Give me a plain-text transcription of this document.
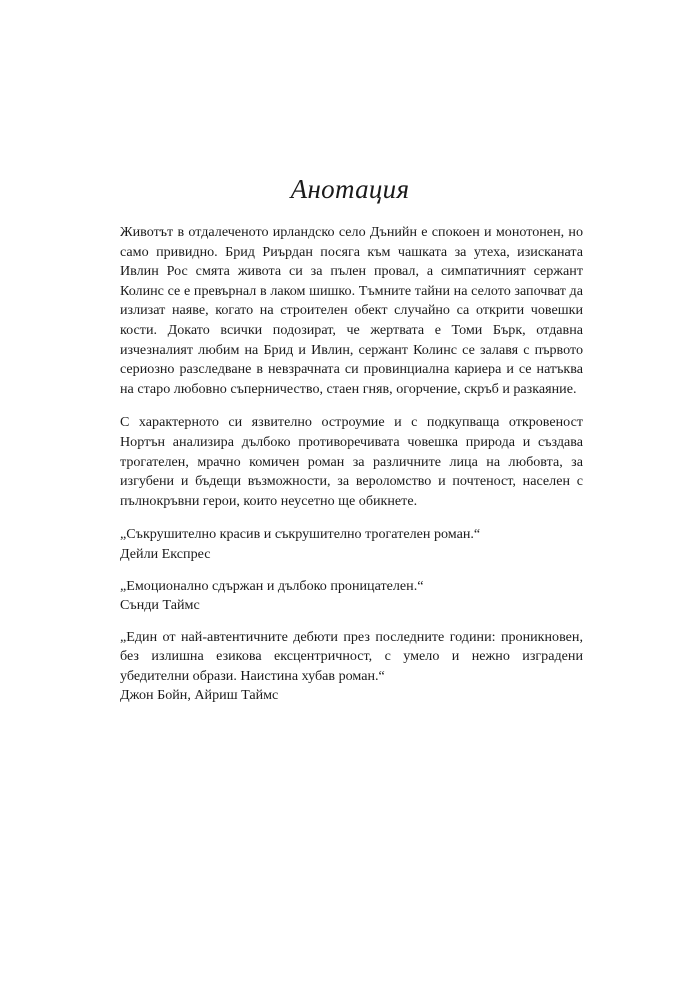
Анотация

Животът в отдалеченото ирландско село Дънийн е спокоен и монотонен, но само привидно. Брид Риърдан посяга към чашката за утеха, изисканата Ивлин Рос смята живота си за пълен провал, а симпатичният сержант Колинс се е превърнал в лаком шишко. Тъмните тайни на селото започват да излизат наяве, когато на строителен обект случайно са открити човешки кости. Докато всички подозират, че жертвата е Томи Бърк, отдавна изчезналият любим на Брид и Ивлин, сержант Колинс се залавя с първото сериозно разследване в невзрачната си провинциална кариера и се натъква на старо любовно съперничество, стаен гняв, огорчение, скръб и разкаяние.

С характерното си язвително остроумие и с подкупваща откровеност Нортън анализира дълбоко противоречивата човешка природа и създава трогателен, мрачно комичен роман за различните лица на любовта, за изгубени и бъдещи възможности, за вероломство и почтеност, населен с пълнокръвни герои, които неусетно ще обикнете.

„Съкрушително красив и съкрушително трогателен роман.“
Дейли Експрес
„Емоционално сдържан и дълбоко проницателен.“
Сънди Таймс
„Един от най-автентичните дебюти през последните години: проникновен, без излишна езикова ексцентричност, с умело и нежно изградени убедителни образи. Наистина хубав роман.“
Джон Бойн, Айриш Таймс
